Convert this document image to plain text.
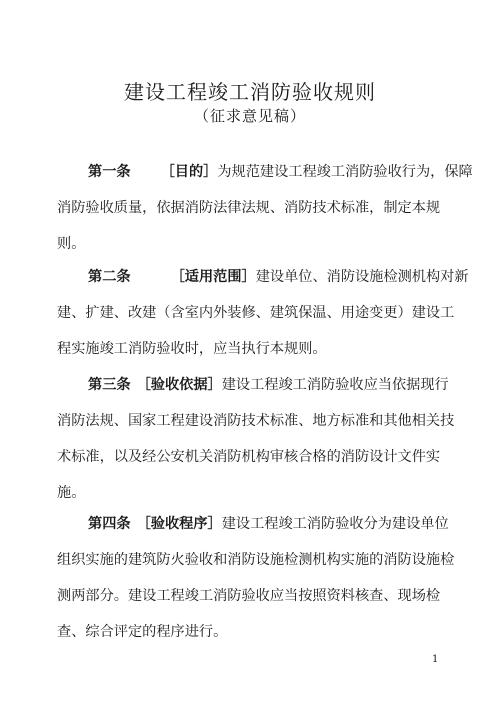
建设工程竣工消防验收规则
（征求意见稿）
第一条 ［目的］为规范建设工程竣工消防验收行为，保障
消防验收质量，依据消防法律法规、消防技术标准，制定本规
则。
第二条	［适用范围］建设单位、消防设施检测机构对新
建、扩建、改建（含室内外装修、建筑保温、用途变更）建设工
程实施竣工消防验收时，应当执行本规则。
第三条 ［验收依据］建设工程竣工消防验收应当依据现行
消防法规、国家工程建设消防技术标准、地方标准和其他相关技
术标准，以及经公安机关消防机构审核合格的消防设计文件实
施。
第四条 ［验收程序］建设工程竣工消防验收分为建设单位
组织实施的建筑防火验收和消防设施检测机构实施的消防设施检
测两部分。建设工程竣工消防验收应当按照资料核查、现场检
查、综合评定的程序进行。
1
